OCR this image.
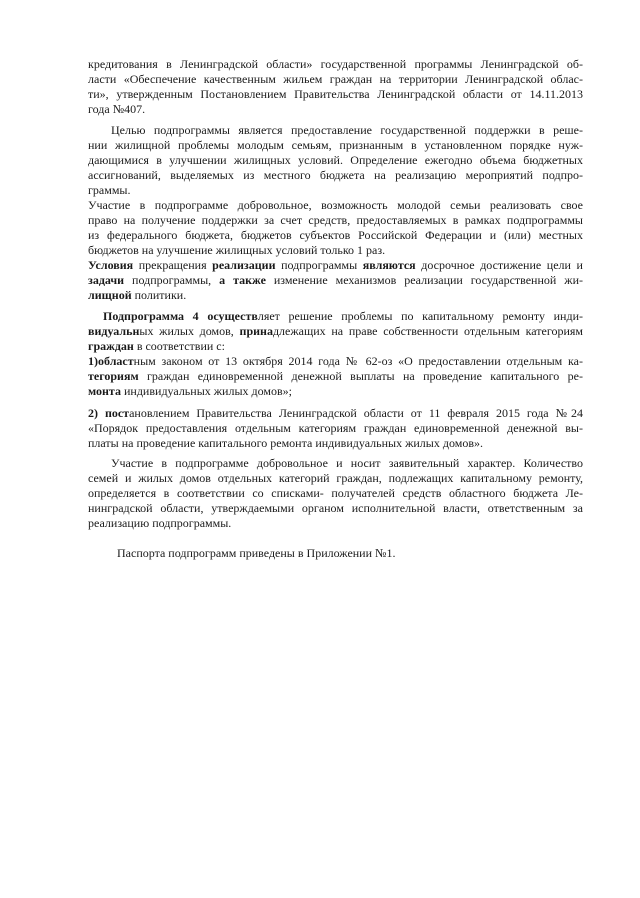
кредитования в Ленинградской области» государственной программы Ленинградской об-

ласти «Обеспечение качественным жильем граждан на территории Ленинградской облас-

ти», утвержденным Постановлением Правительства Ленинградской области от 14.11.2013

года №407.

Целью подпрограммы является предоставление государственной поддержки в реше-

нии жилищной проблемы молодым семьям, признанным в установленном порядке нуж-

дающимися в улучшении жилищных условий. Определение ежегодно объема бюджетных

ассигнований, выделяемых из местного бюджета на реализацию мероприятий подпро-

граммы.

Участие в подпрограмме добровольное, возможность молодой семьи реализовать свое

право на получение поддержки за счет средств, предоставляемых в рамках подпрограммы

из федерального бюджета, бюджетов субъектов Российской Федерации и (или) местных

бюджетов на улучшение жилищных условий только 1 раз.

Условия прекращения реализации подпрограммы являются досрочное достижение цели и

задачи подпрограммы, а также изменение механизмов реализации государственной жи-

лищной политики.

Подпрограмма 4 осуществляет решение проблемы по капитальному ремонту инди-

видуальных жилых домов, принадлежащих на праве собственности отдельным категориям

граждан в соответствии с:

1)областным законом от 13 октября 2014 года № 62-оз «О предоставлении отдельным ка-

тегориям граждан единовременной денежной выплаты на проведение капитального ре-

монта индивидуальных жилых домов»;

2) постановлением Правительства Ленинградской области от 11 февраля 2015 года №24

«Порядок предоставления отдельным категориям граждан единовременной денежной вы-

платы на проведение капитального ремонта индивидуальных жилых домов».

Участие в подпрограмме добровольное и носит заявительный характер. Количество

семей и жилых домов отдельных категорий граждан, подлежащих капитальному ремонту,

определяется в соответствии со списками- получателей средств областного бюджета Ле-

нинградской области, утверждаемыми органом исполнительной власти, ответственным за

реализацию подпрограммы.

Паспорта подпрограмм приведены в Приложении №1.
